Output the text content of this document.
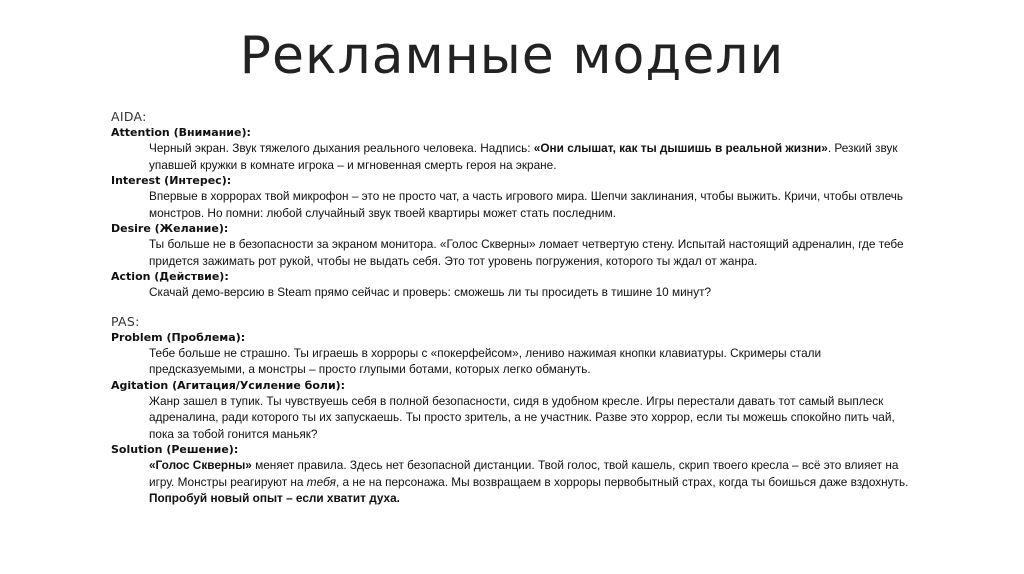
Рекламные модели

AIDA:

Attention (Внимание):

Черный экран. Звук тяжелого дыхания реального человека. Надпись: «Они слышат, как ты дышишь в реальной жизни». Резкий звук упавшей кружки в комнате игрока – и мгновенная смерть героя на экране.

Interest (Интерес):

Впервые в хоррорах твой микрофон – это не просто чат, а часть игрового мира. Шепчи заклинания, чтобы выжить. Кричи, чтобы отвлечь монстров. Но помни: любой случайный звук твоей квартиры может стать последним.

Desire (Желание):

Ты больше не в безопасности за экраном монитора. «Голос Скверны» ломает четвертую стену. Испытай настоящий адреналин, где тебе придется зажимать рот рукой, чтобы не выдать себя. Это тот уровень погружения, которого ты ждал от жанра.

Action (Действие):

Скачай демо-версию в Steam прямо сейчас и проверь: сможешь ли ты просидеть в тишине 10 минут?

PAS:

Problem (Проблема):

Тебе больше не страшно. Ты играешь в хорроры с «покерфейсом», лениво нажимая кнопки клавиатуры. Скримеры стали предсказуемыми, а монстры – просто глупыми ботами, которых легко обмануть.

Agitation (Агитация/Усиление боли):

Жанр зашел в тупик. Ты чувствуешь себя в полной безопасности, сидя в удобном кресле. Игры перестали давать тот самый выплеск адреналина, ради которого ты их запускаешь. Ты просто зритель, а не участник. Разве это хоррор, если ты можешь спокойно пить чай, пока за тобой гонится маньяк?

Solution (Решение):

«Голос Скверны» меняет правила. Здесь нет безопасной дистанции. Твой голос, твой кашель, скрип твоего кресла – всё это влияет на игру. Монстры реагируют на тебя, а не на персонажа. Мы возвращаем в хорроры первобытный страх, когда ты боишься даже вздохнуть. Попробуй новый опыт – если хватит духа.
